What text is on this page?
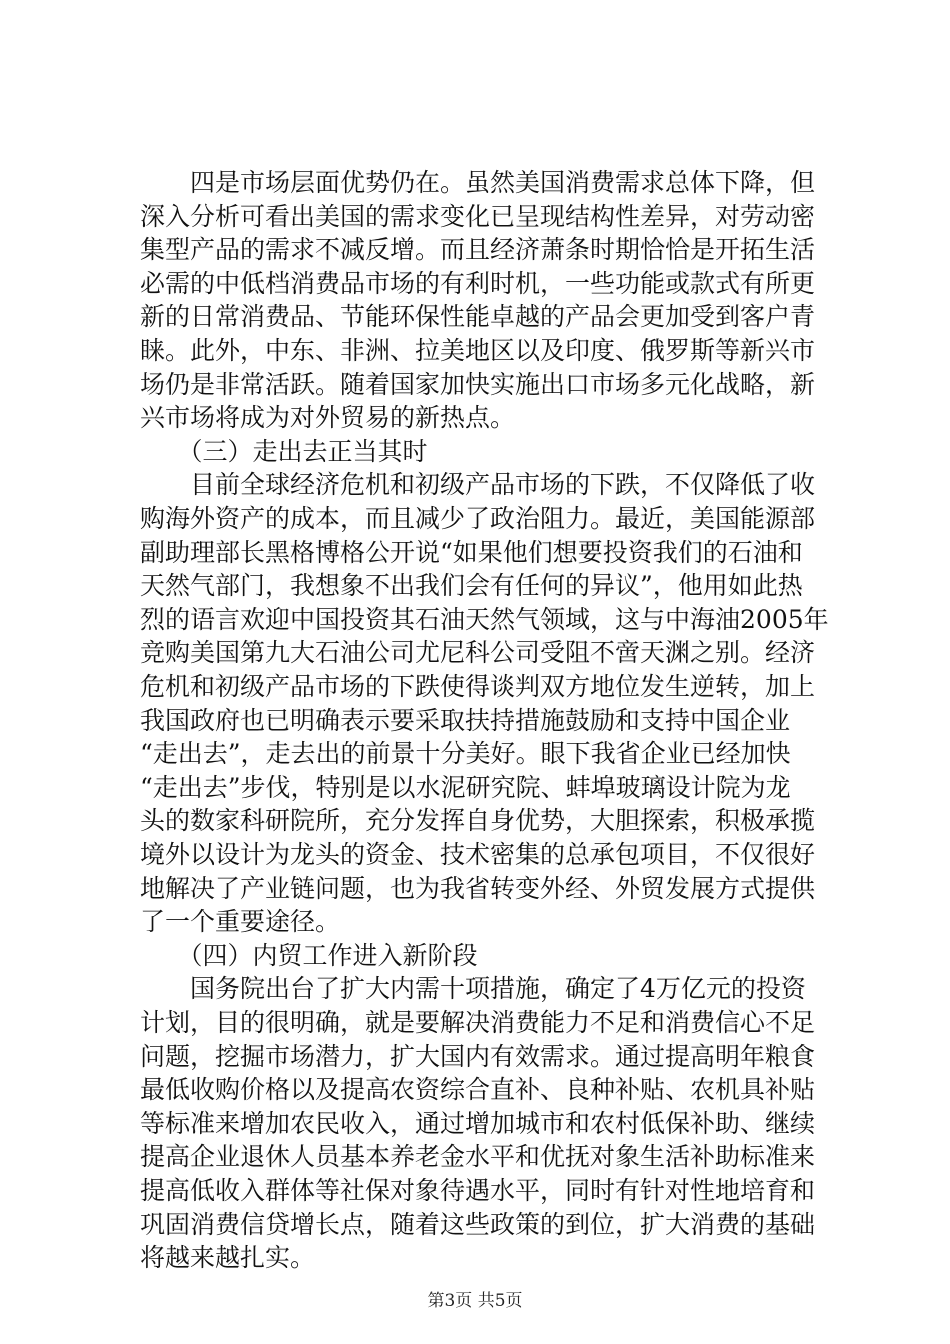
　　四是市场层面优势仍在。虽然美国消费需求总体下降，但
深入分析可看出美国的需求变化已呈现结构性差异，对劳动密
集型产品的需求不减反增。而且经济萧条时期恰恰是开拓生活
必需的中低档消费品市场的有利时机，一些功能或款式有所更
新的日常消费品、节能环保性能卓越的产品会更加受到客户青
睐。此外，中东、非洲、拉美地区以及印度、俄罗斯等新兴市
场仍是非常活跃。随着国家加快实施出口市场多元化战略，新
兴市场将成为对外贸易的新热点。
　　（三）走出去正当其时
　　目前全球经济危机和初级产品市场的下跌，不仅降低了收
购海外资产的成本，而且减少了政治阻力。最近，美国能源部
副助理部长黑格博格公开说“如果他们想要投资我们的石油和
天然气部门，我想象不出我们会有任何的异议”，他用如此热
烈的语言欢迎中国投资其石油天然气领域，这与中海油2005年
竞购美国第九大石油公司尤尼科公司受阻不啻天渊之别。经济
危机和初级产品市场的下跌使得谈判双方地位发生逆转，加上
我国政府也已明确表示要采取扶持措施鼓励和支持中国企业
“走出去”，走去出的前景十分美好。眼下我省企业已经加快
“走出去”步伐，特别是以水泥研究院、蚌埠玻璃设计院为龙
头的数家科研院所，充分发挥自身优势，大胆探索，积极承揽
境外以设计为龙头的资金、技术密集的总承包项目，不仅很好
地解决了产业链问题，也为我省转变外经、外贸发展方式提供
了一个重要途径。
　　（四）内贸工作进入新阶段
　　国务院出台了扩大内需十项措施，确定了4万亿元的投资
计划，目的很明确，就是要解决消费能力不足和消费信心不足
问题，挖掘市场潜力，扩大国内有效需求。通过提高明年粮食
最低收购价格以及提高农资综合直补、良种补贴、农机具补贴
等标准来增加农民收入，通过增加城市和农村低保补助、继续
提高企业退休人员基本养老金水平和优抚对象生活补助标准来
提高低收入群体等社保对象待遇水平，同时有针对性地培育和
巩固消费信贷增长点，随着这些政策的到位，扩大消费的基础
将越来越扎实。
第3页 共5页
